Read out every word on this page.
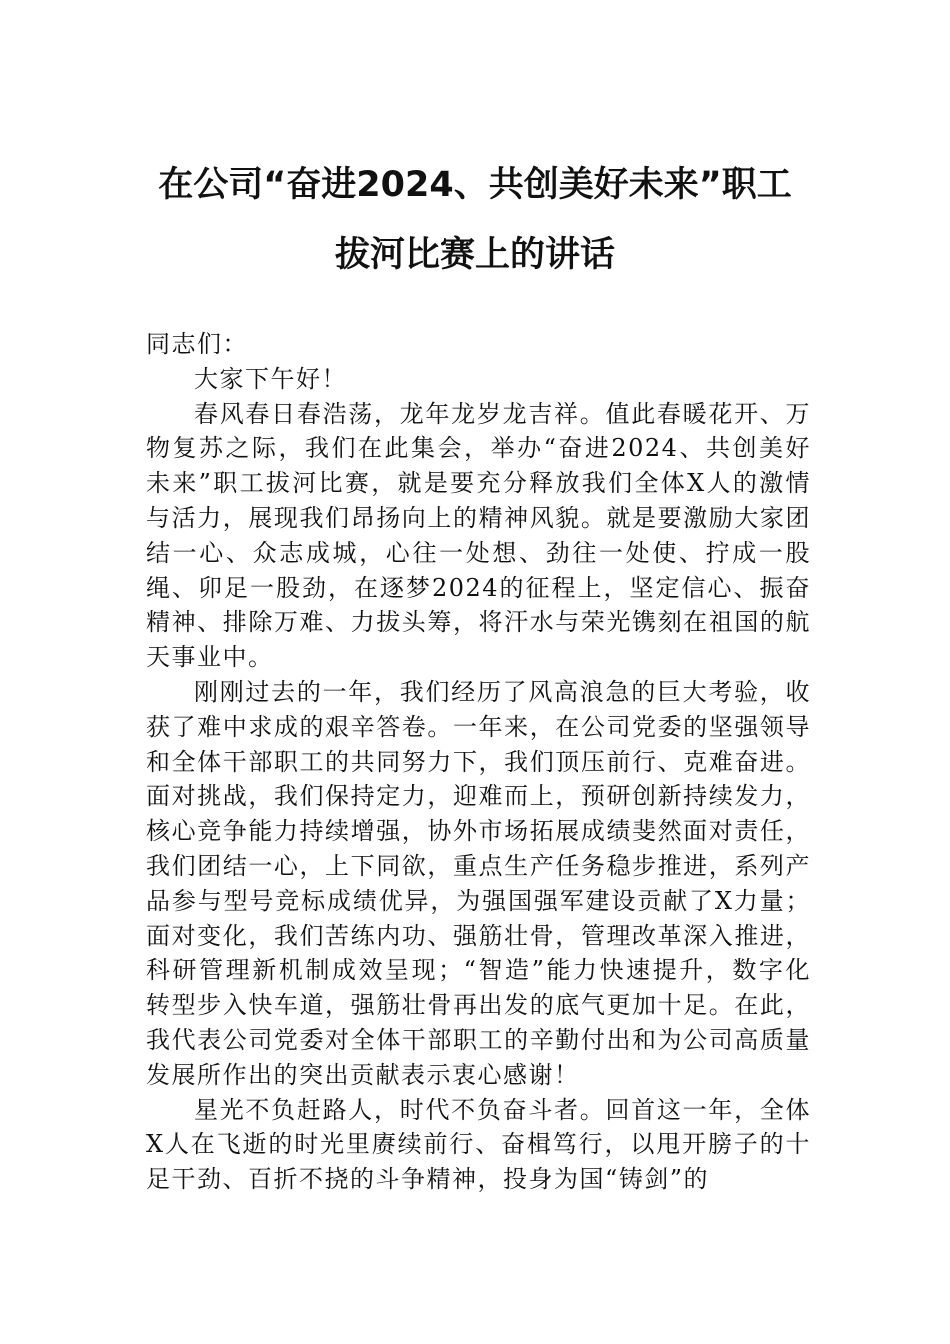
在公司“奋进2024、共创美好未来”职工
拔河比赛上的讲话

同志们：

大家下午好！

春风春日春浩荡，龙年龙岁龙吉祥。值此春暖花开、万物复苏之际，我们在此集会，举办“奋进2024、共创美好未来”职工拔河比赛，就是要充分释放我们全体X人的激情与活力，展现我们昂扬向上的精神风貌。就是要激励大家团结一心、众志成城，心往一处想、劲往一处使、拧成一股绳、卯足一股劲，在逐梦2024的征程上，坚定信心、振奋精神、排除万难、力拔头筹，将汗水与荣光镌刻在祖国的航天事业中。

刚刚过去的一年，我们经历了风高浪急的巨大考验，收获了难中求成的艰辛答卷。一年来，在公司党委的坚强领导和全体干部职工的共同努力下，我们顶压前行、克难奋进。面对挑战，我们保持定力，迎难而上，预研创新持续发力，核心竞争能力持续增强，协外市场拓展成绩斐然面对责任，我们团结一心，上下同欲，重点生产任务稳步推进，系列产品参与型号竞标成绩优异，为强国强军建设贡献了X力量；面对变化，我们苦练内功、强筋壮骨，管理改革深入推进，科研管理新机制成效呈现；“智造”能力快速提升，数字化转型步入快车道，强筋壮骨再出发的底气更加十足。在此，我代表公司党委对全体干部职工的辛勤付出和为公司高质量发展所作出的突出贡献表示衷心感谢！

星光不负赶路人，时代不负奋斗者。回首这一年，全体X人在飞逝的时光里赓续前行、奋楫笃行，以甩开膀子的十足干劲、百折不挠的斗争精神，投身为国“铸剑”的
